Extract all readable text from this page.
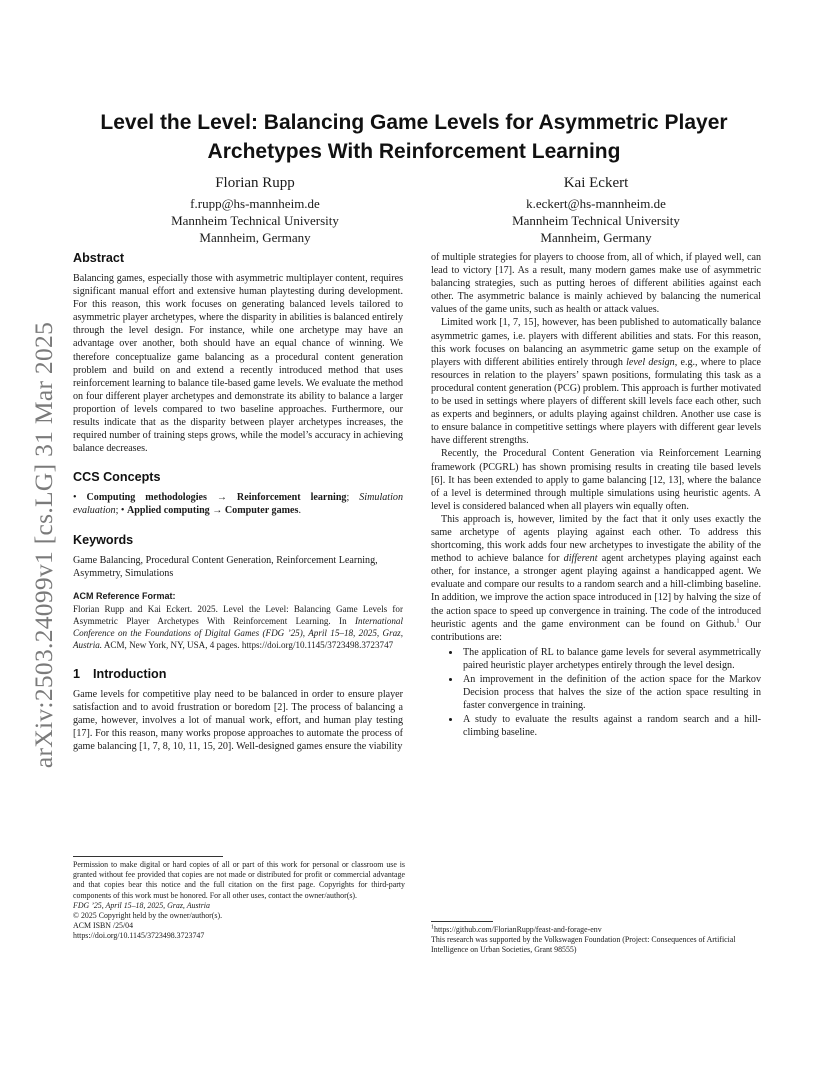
arXiv:2503.24099v1 [cs.LG] 31 Mar 2025
Level the Level: Balancing Game Levels for Asymmetric Player Archetypes With Reinforcement Learning
Florian Rupp
f.rupp@hs-mannheim.de
Mannheim Technical University
Mannheim, Germany
Kai Eckert
k.eckert@hs-mannheim.de
Mannheim Technical University
Mannheim, Germany
Abstract

Balancing games, especially those with asymmetric multiplayer content, requires significant manual effort and extensive human playtesting during development. For this reason, this work focuses on generating balanced levels tailored to asymmetric player archetypes, where the disparity in abilities is balanced entirely through the level design. For instance, while one archetype may have an advantage over another, both should have an equal chance of winning. We therefore conceptualize game balancing as a procedural content generation problem and build on and extend a recently introduced method that uses reinforcement learning to balance tile-based game levels. We evaluate the method on four different player archetypes and demonstrate its ability to balance a larger proportion of levels compared to two baseline approaches. Furthermore, our results indicate that as the disparity between player archetypes increases, the required number of training steps grows, while the model’s accuracy in achieving balance decreases.

CCS Concepts

• Computing methodologies → Reinforcement learning; Simulation evaluation; • Applied computing → Computer games.

Keywords

Game Balancing, Procedural Content Generation, Reinforcement Learning, Asymmetry, Simulations

ACM Reference Format:

Florian Rupp and Kai Eckert. 2025. Level the Level: Balancing Game Levels for Asymmetric Player Archetypes With Reinforcement Learning. In International Conference on the Foundations of Digital Games (FDG ’25), April 15–18, 2025, Graz, Austria. ACM, New York, NY, USA, 4 pages. https://doi.org/10.1145/3723498.3723747

1 Introduction

Game levels for competitive play need to be balanced in order to ensure player satisfaction and to avoid frustration or boredom [2]. The process of balancing a game, however, involves a lot of manual work, effort, and human play testing [17]. For this reason, many works propose approaches to automate the process of game balancing [1, 7, 8, 10, 11, 15, 20]. Well-designed games ensure the viability

of multiple strategies for players to choose from, all of which, if played well, can lead to victory [17]. As a result, many modern games make use of asymmetric balancing strategies, such as putting heroes of different abilities against each other. The asymmetric balance is mainly achieved by balancing the numerical values of the game units, such as health or attack values.

Limited work [1, 7, 15], however, has been published to automatically balance asymmetric games, i.e. players with different abilities and stats. For this reason, this work focuses on balancing an asymmetric game setup on the example of players with different abilities entirely through level design, e.g., where to place resources in relation to the players’ spawn positions, formulating this task as a procedural content generation (PCG) problem. This approach is further motivated to be used in settings where players of different skill levels face each other, such as experts and beginners, or adults playing against children. Another use case is to ensure balance in competitive settings where players with different gear levels have different strengths.

Recently, the Procedural Content Generation via Reinforcement Learning framework (PCGRL) has shown promising results in creating tile based levels [6]. It has been extended to apply to game balancing [12, 13], where the balance of a level is determined through multiple simulations using heuristic agents. A level is considered balanced when all players win equally often.

This approach is, however, limited by the fact that it only uses exactly the same archetype of agents playing against each other. To address this shortcoming, this work adds four new archetypes to investigate the ability of the method to achieve balance for different agent archetypes playing against each other, for instance, a stronger agent playing against a handicapped agent. We evaluate and compare our results to a random search and a hill-climbing baseline. In addition, we improve the action space introduced in [12] by halving the size of the action space to speed up convergence in training. The code of the introduced heuristic agents and the game environment can be found on Github.$^1$ Our contributions are:

• The application of RL to balance game levels for several asymmetrically paired heuristic player archetypes entirely through the level design.
• An improvement in the definition of the action space for the Markov Decision process that halves the size of the action space resulting in faster convergence in training.
• A study to evaluate the results against a random search and a hill-climbing baseline.
Permission to make digital or hard copies of all or part of this work for personal or classroom use is granted without fee provided that copies are not made or distributed for profit or commercial advantage and that copies bear this notice and the full citation on the first page. Copyrights for third-party components of this work must be honored. For all other uses, contact the owner/author(s).
FDG ’25, April 15–18, 2025, Graz, Austria
© 2025 Copyright held by the owner/author(s).
ACM ISBN /25/04
https://doi.org/10.1145/3723498.3723747
$^1$https://github.com/FlorianRupp/feast-and-forage-env
This research was supported by the Volkswagen Foundation (Project: Consequences of Artificial Intelligence on Urban Societies, Grant 98555)
